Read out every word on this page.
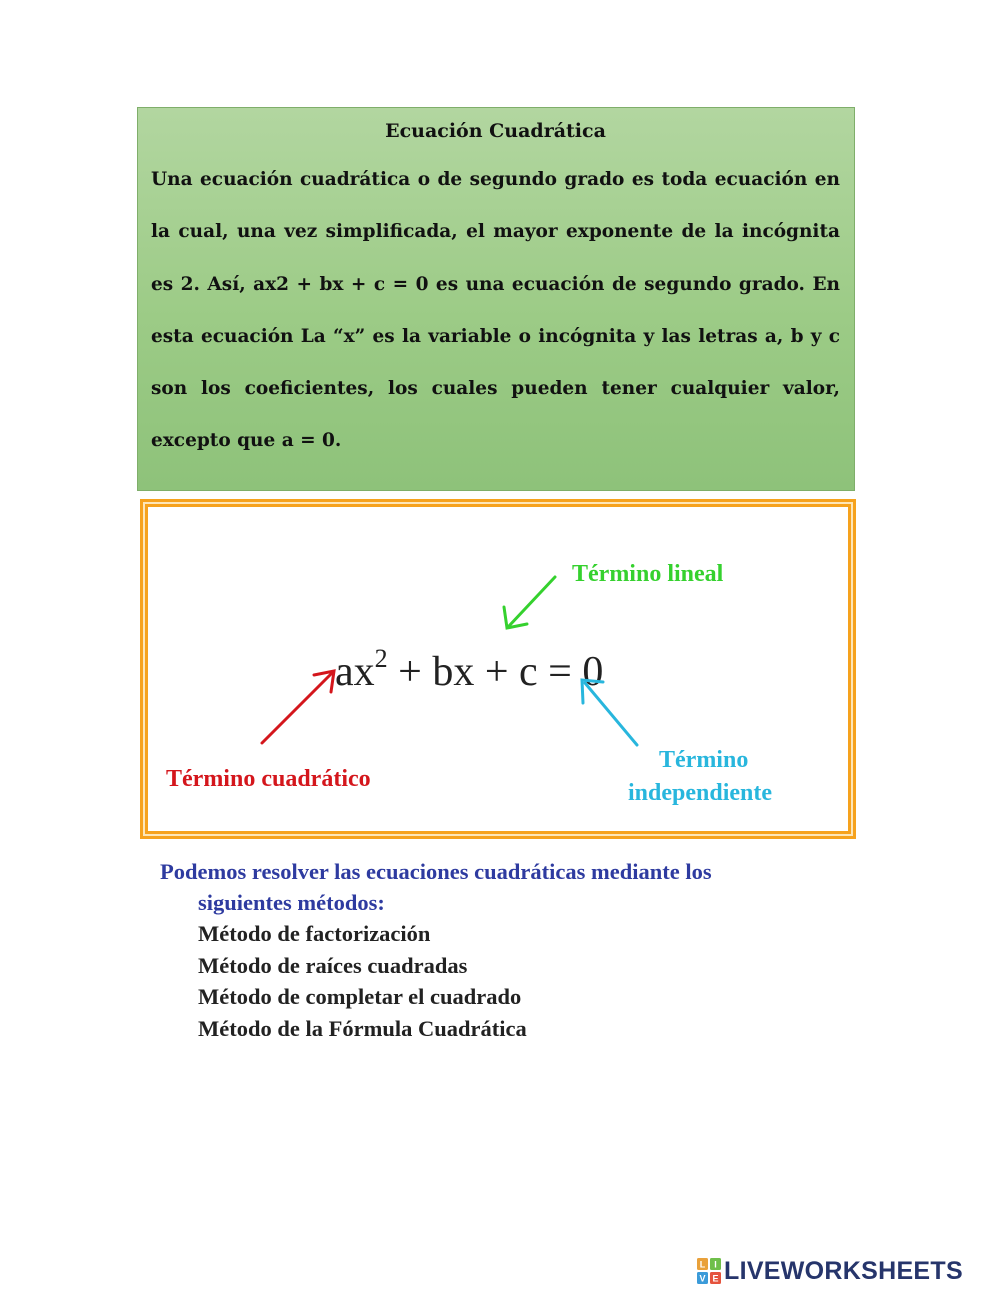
Ecuación Cuadrática

Una ecuación cuadrática o de segundo grado es toda ecuación en la cual, una vez simplificada, el mayor exponente de la incógnita es 2. Así, ax2 + bx + c = 0 es una ecuación de segundo grado. En esta ecuación La “x” es la variable o incógnita y las letras a, b y c son los coeficientes, los cuales pueden tener cualquier valor, excepto que a = 0.

$ax^2$ + bx + c = 0
Término lineal
Término cuadrático
Término
independiente
Podemos resolver las ecuaciones cuadráticas mediante los
siguientes métodos:
Método de factorización
Método de raíces cuadradas
Método de completar el cuadrado
Método de la Fórmula Cuadrática
L I
V E LIVEWORKSHEETS
